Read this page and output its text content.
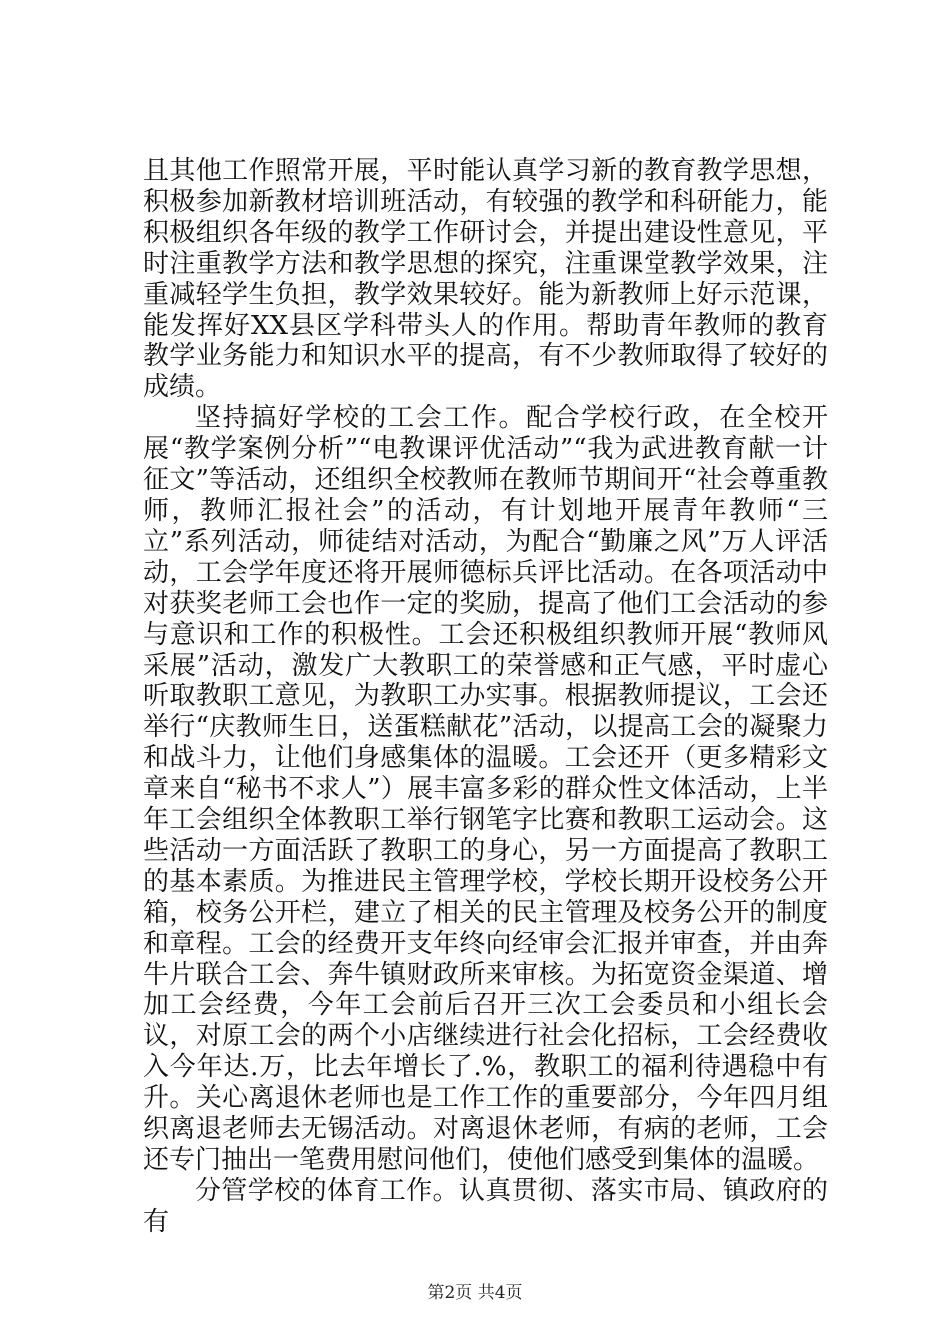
且其他工作照常开展，平时能认真学习新的教育教学思想，积极参加新教材培训班活动，有较强的教学和科研能力，能积极组织各年级的教学工作研讨会，并提出建设性意见，平时注重教学方法和教学思想的探究，注重课堂教学效果，注重减轻学生负担，教学效果较好。能为新教师上好示范课，能发挥好XX县区学科带头人的作用。帮助青年教师的教育教学业务能力和知识水平的提高，有不少教师取得了较好的成绩。

坚持搞好学校的工会工作。配合学校行政，在全校开展“教学案例分析”“电教课评优活动”“我为武进教育献一计征文”等活动，还组织全校教师在教师节期间开“社会尊重教师，教师汇报社会”的活动，有计划地开展青年教师“三立”系列活动，师徒结对活动，为配合“勤廉之风”万人评活动，工会学年度还将开展师德标兵评比活动。在各项活动中对获奖老师工会也作一定的奖励，提高了他们工会活动的参与意识和工作的积极性。工会还积极组织教师开展“教师风采展”活动，激发广大教职工的荣誉感和正气感，平时虚心听取教职工意见，为教职工办实事。根据教师提议，工会还举行“庆教师生日，送蛋糕献花”活动，以提高工会的凝聚力和战斗力，让他们身感集体的温暖。工会还开（更多精彩文章来自“秘书不求人”）展丰富多彩的群众性文体活动，上半年工会组织全体教职工举行钢笔字比赛和教职工运动会。这些活动一方面活跃了教职工的身心，另一方面提高了教职工的基本素质。为推进民主管理学校，学校长期开设校务公开箱，校务公开栏，建立了相关的民主管理及校务公开的制度和章程。工会的经费开支年终向经审会汇报并审查，并由奔牛片联合工会、奔牛镇财政所来审核。为拓宽资金渠道、增加工会经费，今年工会前后召开三次工会委员和小组长会议，对原工会的两个小店继续进行社会化招标，工会经费收入今年达.万，比去年增长了.%，教职工的福利待遇稳中有升。关心离退休老师也是工作工作的重要部分，今年四月组织离退老师去无锡活动。对离退休老师，有病的老师，工会还专门抽出一笔费用慰问他们，使他们感受到集体的温暖。

分管学校的体育工作。认真贯彻、落实市局、镇政府的有

第2页 共4页
